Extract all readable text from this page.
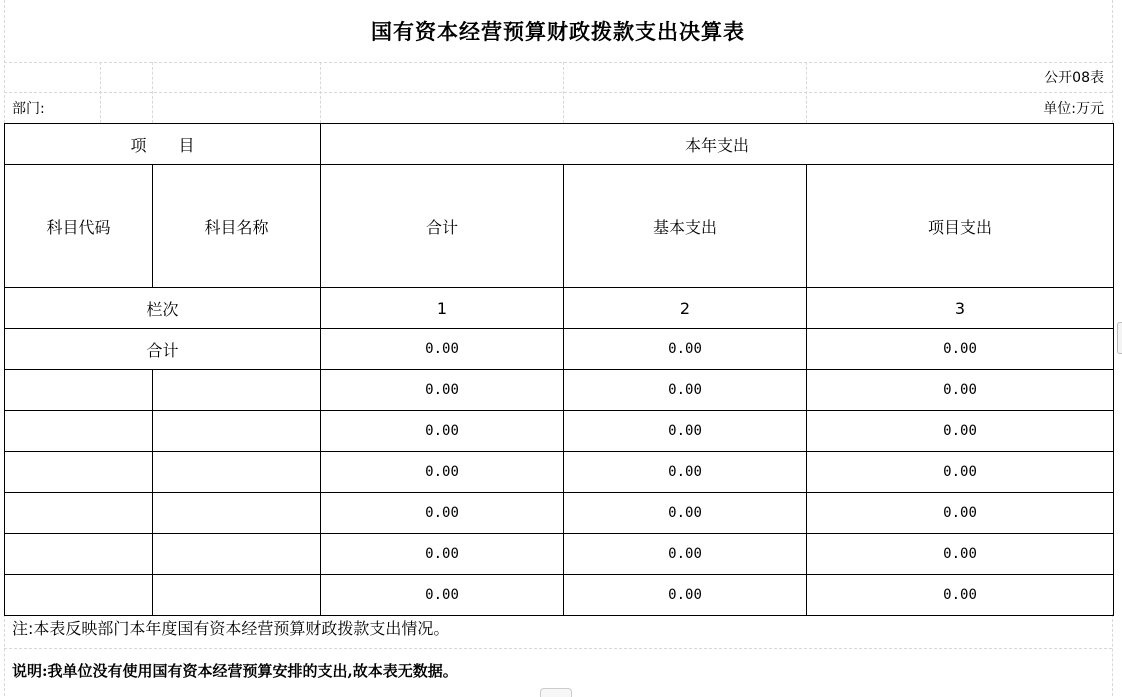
国有资本经营预算财政拨款支出决算表
公开08表
部门:	单位:万元
项　　目		本年支出		
科目代码	科目名称	合计	基本支出	项目支出
栏次		1	2	3
合计		0.00	0.00	0.00
		0.00	0.00	0.00
		0.00	0.00	0.00
		0.00	0.00	0.00
		0.00	0.00	0.00
		0.00	0.00	0.00
		0.00	0.00	0.00
注:本表反映部门本年度国有资本经营预算财政拨款支出情况。
说明:我单位没有使用国有资本经营预算安排的支出,故本表无数据。
